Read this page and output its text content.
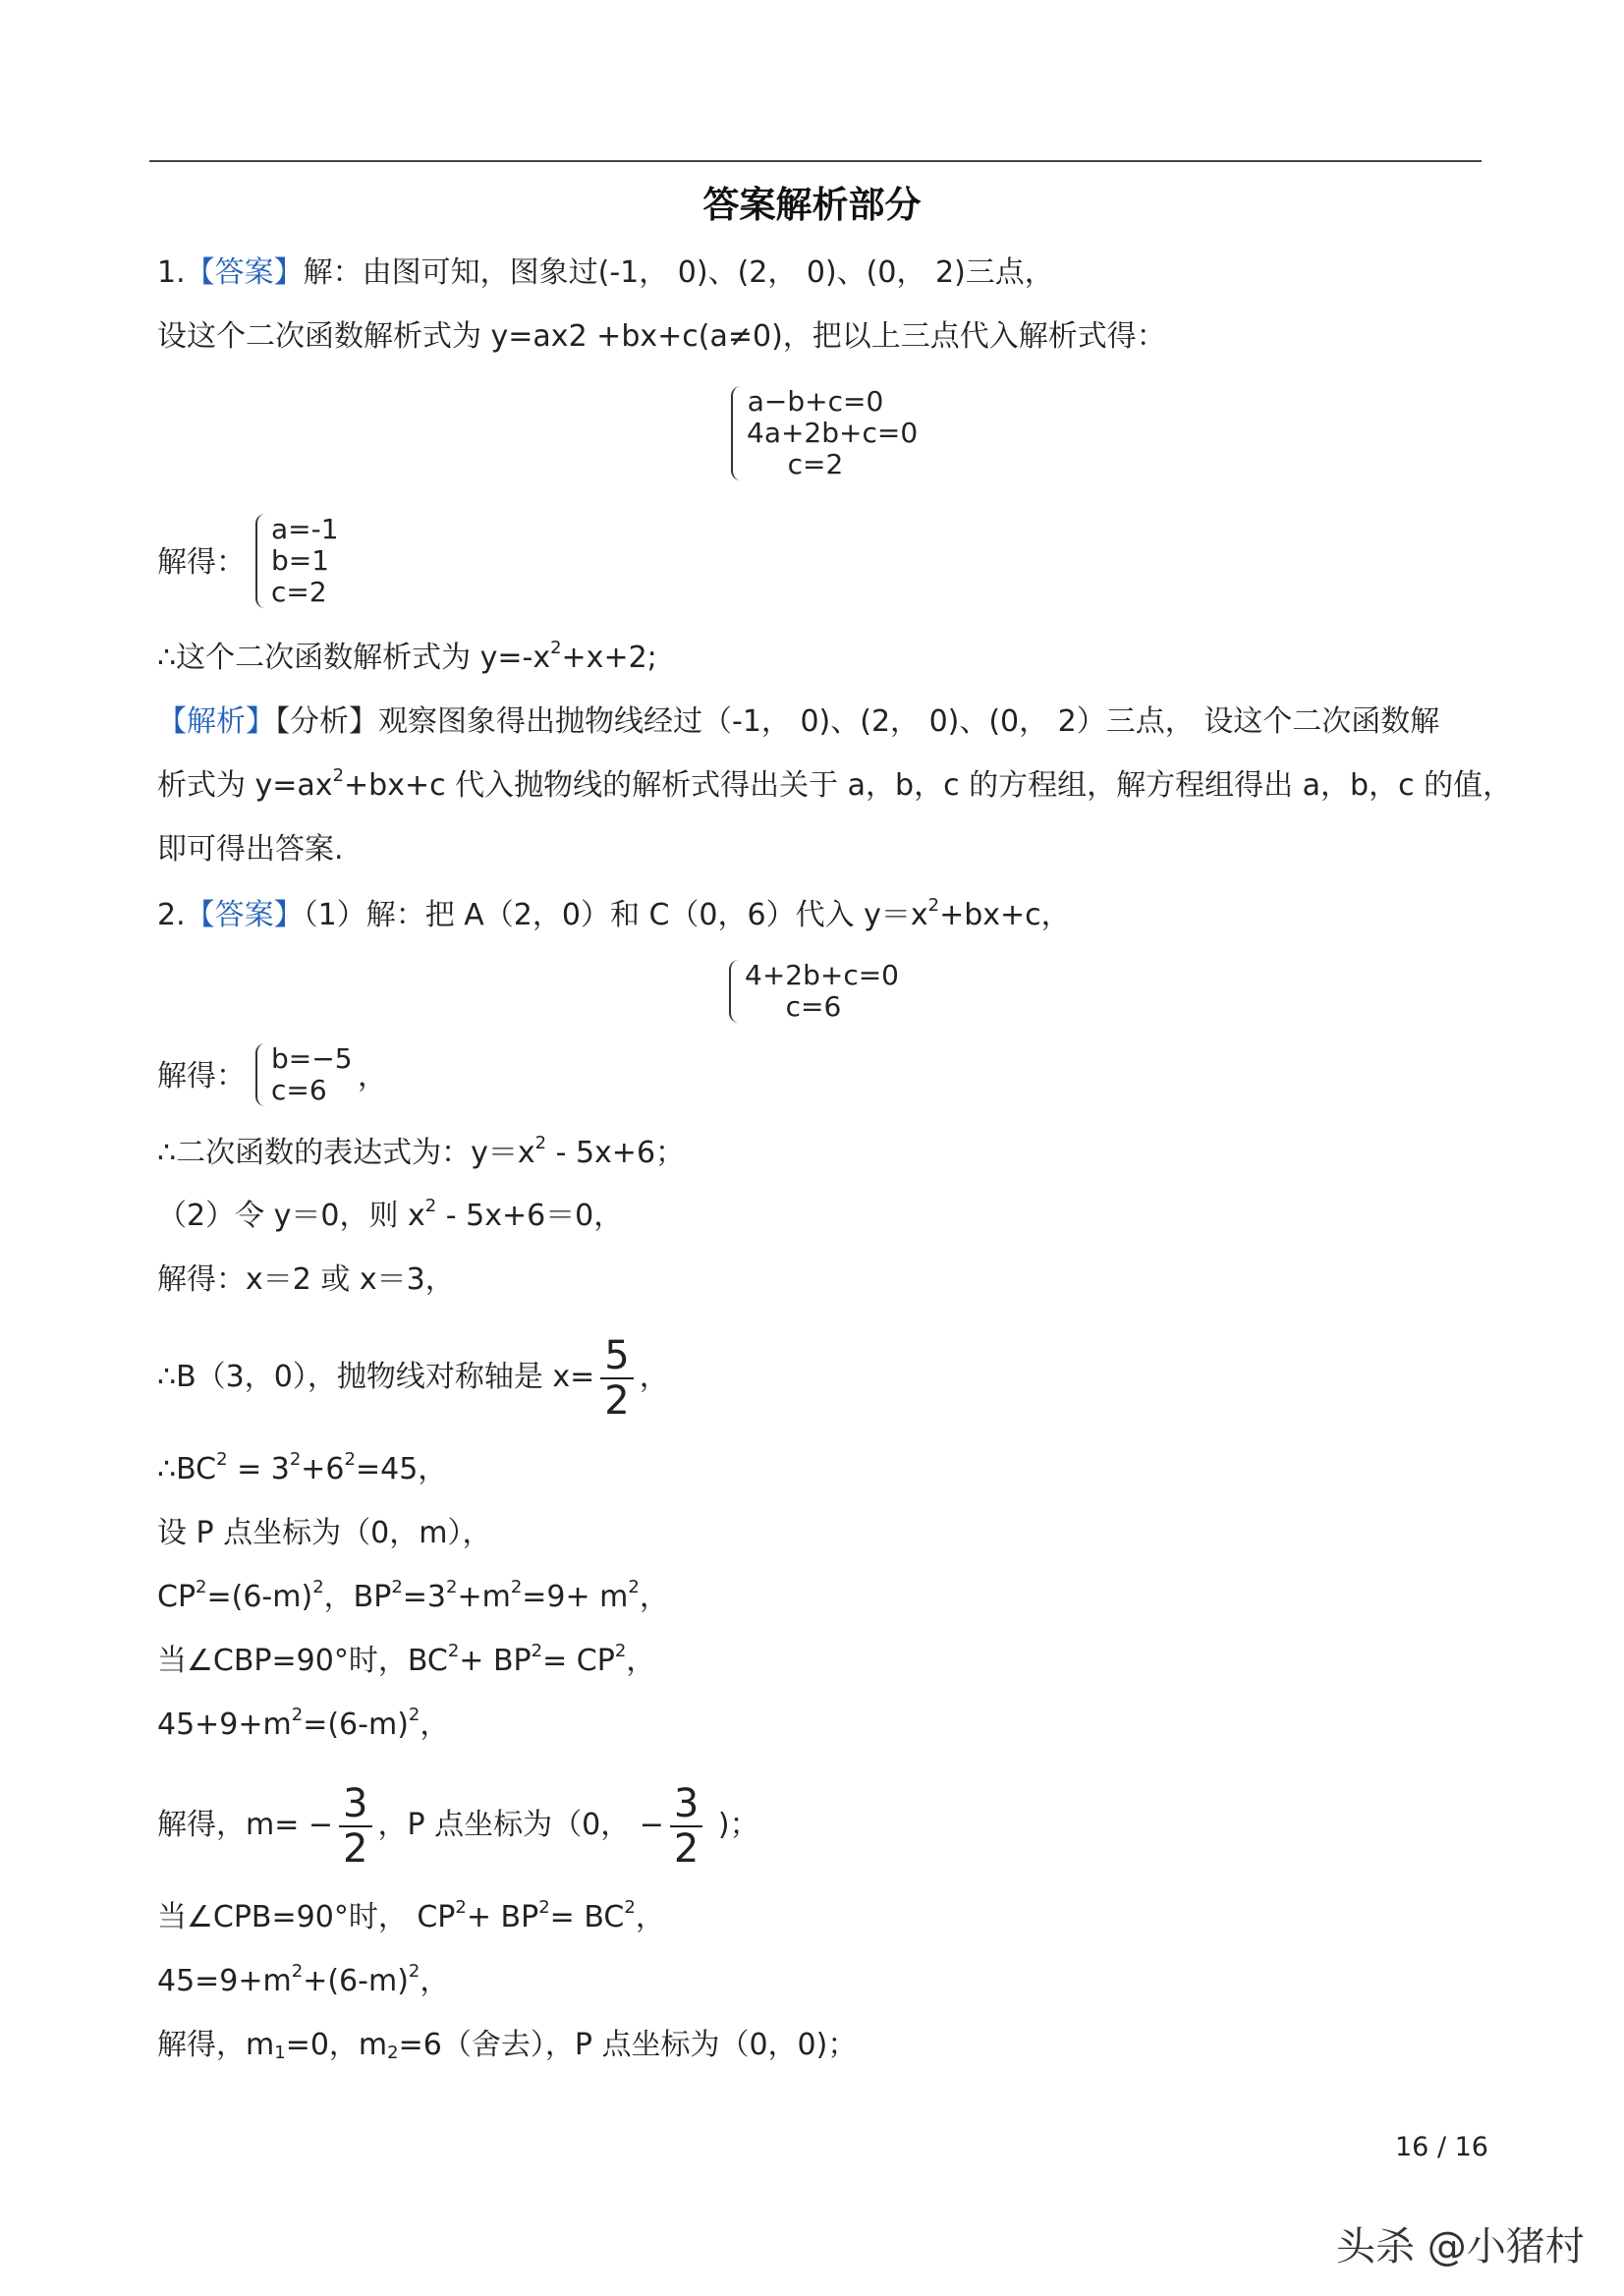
答案解析部分
1.【答案】解：由图可知，图象过(-1， 0)、(2， 0)、(0， 2)三点，
设这个二次函数解析式为 y=ax2 +bx+c(a≠0)，把以上三点代入解析式得：
a−b+c=0
4a+2b+c=0
c=2
解得：
a=-1
b=1
c=2
∴这个二次函数解析式为 $y=-x^2+x+2$;
【解析】【分析】观察图象得出抛物线经过（-1， 0)、(2， 0)、(0， 2）三点， 设这个二次函数解
析式为 $y=ax^2+bx+c$ 代入抛物线的解析式得出关于 a，b，c 的方程组，解方程组得出 a，b，c 的值，
即可得出答案.
2.【答案】（1）解：把 A（2，0）和 C（0，6）代入 $y=x^2+bx+c$，
4+2b+c=0
c=6
解得：
b=−5
c=6	，
∴二次函数的表达式为：$y=x^2 - 5x+6$；
（2）令 y＝0，则 $x^2 - 5x+6=0$，
解得：x＝2 或 x＝3，
∴B（3，0），抛物线对称轴是 $x= \frac{5}{2}$ ，
$\therefore BC^2 = 3^2+6^2=45$，
设 P 点坐标为（0，m），
$CP^2=(6-m)^2$，$BP^2=3^2+m^2=9+ m^2$，
当∠CBP=90°时，$BC^2+ BP^2= CP^2$，
$45+9+m^2=(6-m)^2$，
解得，$m= - \frac{3}{2}$ ，P 点坐标为（0， − $\frac{3}{2}$ )；
当∠CPB=90°时， $CP^2+ BP^2= BC^2$，
$45=9+m^2+(6-m)^2$，
解得，$m_1=0$，$m_2=6$（舍去），P 点坐标为（0，0)；
16 / 16
头杀 @小猪村
